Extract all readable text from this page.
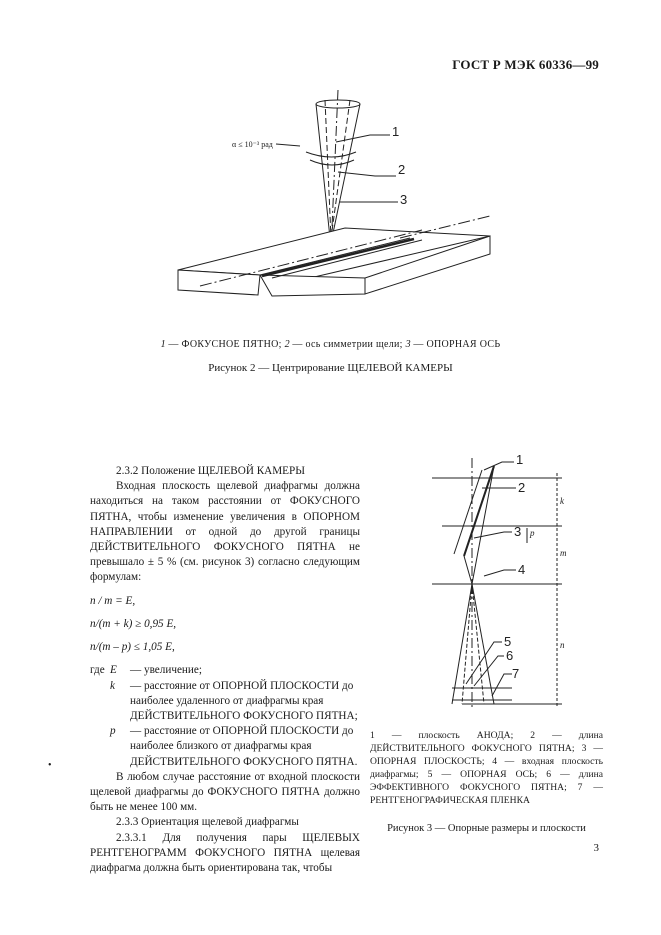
ГОСТ Р МЭК 60336—99
α ≤ 10⁻³ рад
1
2
3
1 — ФОКУСНОЕ ПЯТНО; 2 — ось симметрии щели; 3 — ОПОРНАЯ ОСЬ
Рисунок 2 — Центрирование ЩЕЛЕВОЙ КАМЕРЫ

2.3.2 Положение ЩЕЛЕВОЙ КАМЕРЫ

Входная плоскость щелевой диафрагмы должна находиться на таком расстоянии от ФОКУСНОГО ПЯТНА, чтобы изменение увеличения в ОПОРНОМ НАПРАВЛЕНИИ от одной до другой границы ДЕЙСТВИТЕЛЬНОГО ФОКУСНОГО ПЯТНА не превышало ± 5 % (см. рисунок 3) согласно следующим формулам:

n / m = E,

n/(m + k) ≥ 0,95 E,

n/(m – p) ≤ 1,05 E,

где E — увеличение;
k — расстояние от ОПОРНОЙ ПЛОСКОСТИ до наиболее удаленного от диафрагмы края ДЕЙСТВИТЕЛЬНОГО ФОКУСНОГО ПЯТНА;
p — расстояние от ОПОРНОЙ ПЛОСКОСТИ до наиболее близкого от диафрагмы края ДЕЙСТВИТЕЛЬНОГО ФОКУСНОГО ПЯТНА.

В любом случае расстояние от входной плоскости щелевой диафрагмы до ФОКУСНОГО ПЯТНА должно быть не менее 100 мм.

2.3.3 Ориентация щелевой диафрагмы

2.3.3.1 Для получения пары ЩЕЛЕВЫХ РЕНТГЕНОГРАММ ФОКУСНОГО ПЯТНА щелевая диафрагма должна быть ориентирована так, чтобы

•
1
2
3
4
5
6
7
k
p
m
n

1 — плоскость АНОДА; 2 — длина ДЕЙСТВИТЕЛЬНОГО ФОКУСНОГО ПЯТНА; 3 — ОПОРНАЯ ПЛОСКОСТЬ; 4 — входная плоскость диафрагмы; 5 — ОПОРНАЯ ОСЬ; 6 — длина ЭФФЕКТИВНОГО ФОКУСНОГО ПЯТНА; 7 — РЕНТГЕНОГРАФИЧЕСКАЯ ПЛЕНКА

Рисунок 3 — Опорные размеры и плоскости
3
